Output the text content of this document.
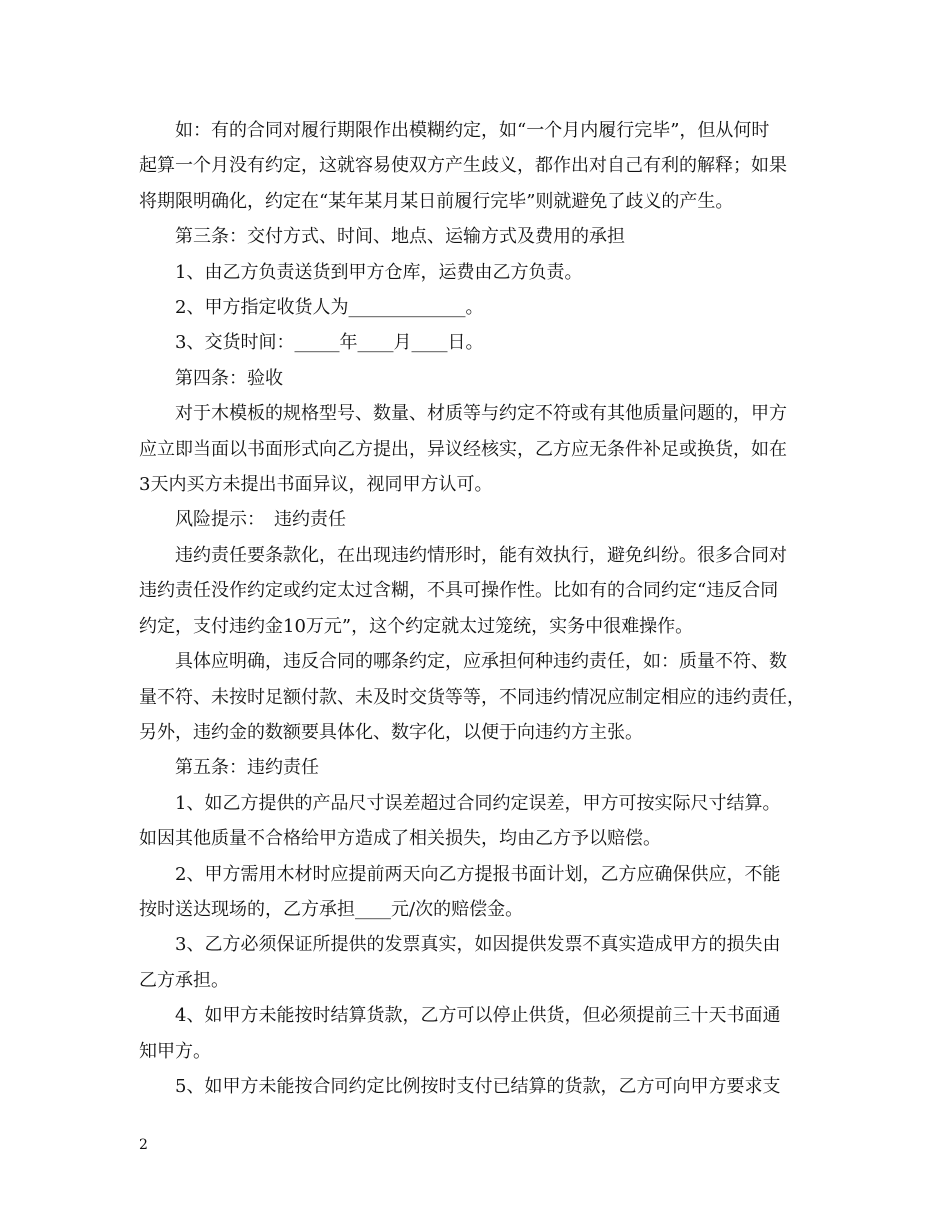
如：有的合同对履行期限作出模糊约定，如“一个月内履行完毕”，但从何时

起算一个月没有约定，这就容易使双方产生歧义，都作出对自己有利的解释；如果

将期限明确化，约定在“某年某月某日前履行完毕”则就避免了歧义的产生。

第三条：交付方式、时间、地点、运输方式及费用的承担

1、由乙方负责送货到甲方仓库，运费由乙方负责。

2、甲方指定收货人为_____________。

3、交货时间：_____年____月____日。

第四条：验收

对于木模板的规格型号、数量、材质等与约定不符或有其他质量问题的，甲方

应立即当面以书面形式向乙方提出，异议经核实，乙方应无条件补足或换货，如在

3天内买方未提出书面异议，视同甲方认可。

风险提示：　违约责任

违约责任要条款化，在出现违约情形时，能有效执行，避免纠纷。很多合同对

违约责任没作约定或约定太过含糊，不具可操作性。比如有的合同约定“违反合同

约定，支付违约金10万元”，这个约定就太过笼统，实务中很难操作。

具体应明确，违反合同的哪条约定，应承担何种违约责任，如：质量不符、数

量不符、未按时足额付款、未及时交货等等，不同违约情况应制定相应的违约责任，

另外，违约金的数额要具体化、数字化，以便于向违约方主张。

第五条：违约责任

1、如乙方提供的产品尺寸误差超过合同约定误差，甲方可按实际尺寸结算。

如因其他质量不合格给甲方造成了相关损失，均由乙方予以赔偿。

2、甲方需用木材时应提前两天向乙方提报书面计划，乙方应确保供应，不能

按时送达现场的，乙方承担____元/次的赔偿金。

3、乙方必须保证所提供的发票真实，如因提供发票不真实造成甲方的损失由

乙方承担。

4、如甲方未能按时结算货款，乙方可以停止供货，但必须提前三十天书面通

知甲方。

5、如甲方未能按合同约定比例按时支付已结算的货款，乙方可向甲方要求支

2
